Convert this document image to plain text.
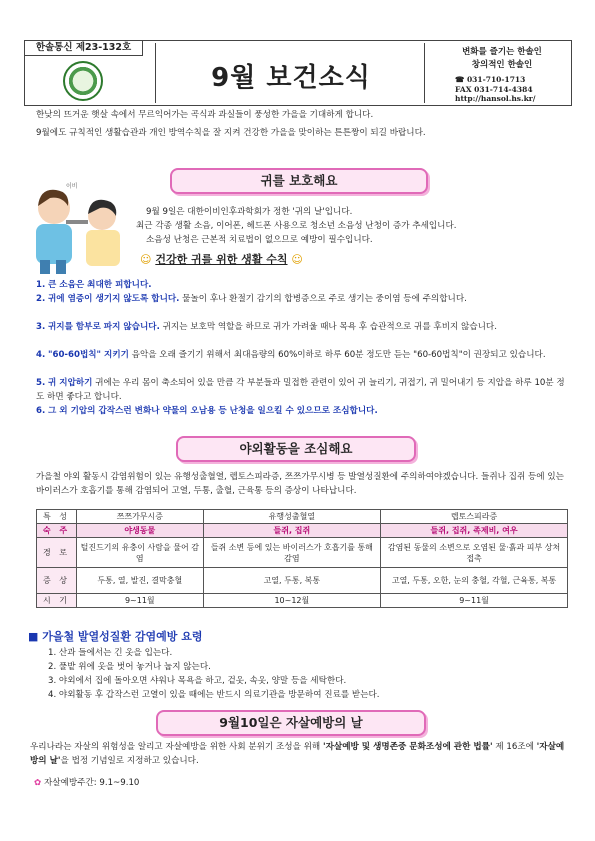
한솔통신 제23-132호
9월 보건소식
변화를 즐기는 한솔인
창의적인 한솔인
☎ 031-710-1713
FAX 031-714-4384
http://hansol.hs.kr/
한낮의 뜨거운 햇살 속에서 무르익어가는 곡식과 과실들이 풍성한 가을을 기대하게 합니다.
9월에도 규칙적인 생활습관과 개인 방역수칙을 잘 지켜 건강한 가을을 맞이하는 튼튼짱이 되길 바랍니다.
귀를 보호해요
이비
9월 9일은 대한이비인후과학회가 정한 '귀의 날'입니다.
최근 각종 생활 소음, 이어폰, 헤드폰 사용으로 청소년 소음성 난청이 증가 추세입니다.
소음성 난청은 근본적 치료법이 없으므로 예방이 필수입니다.
☺ 건강한 귀를 위한 생활 수칙 ☺
1. 큰 소음은 최대한 피합니다.
2. 귀에 염증이 생기지 않도록 합니다. 물놀이 후나 환절기 감기의 합병증으로 주로 생기는 중이염 등에 주의합니다.
3. 귀지를 함부로 파지 않습니다. 귀지는 보호막 역할을 하므로 귀가 가려울 때나 목욕 후 습관적으로 귀를 후비지 않습니다.
4. "60-60법칙" 지키기 음악을 오래 즐기기 위해서 최대음량의 60%이하로 하루 60분 정도만 듣는 "60-60법칙"이 권장되고 있습니다.
5. 귀 지압하기 귀에는 우리 몸이 축소되어 있을 만큼 각 부분들과 밀접한 관련이 있어 귀 늘리기, 귀접기, 귀 밀어내기 등 지압을 하루 10분 정도 하면 좋다고 합니다.
6. 그 외 기압의 갑작스런 변화나 약물의 오남용 등 난청을 일으킬 수 있으므로 조심합니다.
야외활동을 조심해요
가을철 야외 활동시 감염위험이 있는 유행성출혈열, 렙토스피라증, 쯔쯔가무시병 등 발열성질환에 주의하여야겠습니다. 들쥐나 집쥐 등에 있는 바이러스가 호흡기를 통해 감염되어 고열, 두통, 출혈, 근육통 등의 증상이 나타납니다.
특 성	쯔쯔가무시증	유행성출혈열	렙토스피라증
숙 주	야생동물	들쥐, 집쥐	들쥐, 집쥐, 족제비, 여우
경 로	털진드기의 유충이 사람을 물어 감염	들쥐 소변 등에 있는 바이러스가 호흡기를 통해 감염	감염된 동물의 소변으로 오염된 물·흙과 피부 상처 접촉
증 상	두통, 열, 발진, 결막충혈	고열, 두통, 복통	고열, 두통, 오한, 눈의 충혈, 각혈, 근육통, 복통
시 기	9~11월	10~12월	9~11월
■ 가을철 발열성질환 감염예방 요령
1. 산과 들에서는 긴 옷을 입는다.
2. 풀밭 위에 옷을 벗어 놓거나 눕지 않는다.
3. 야외에서 집에 돌아오면 샤워나 목욕을 하고, 겉옷, 속옷, 양말 등을 세탁한다.
4. 야외활동 후 갑작스런 고열이 있을 때에는 반드시 의료기관을 방문하여 진료를 받는다.
9월10일은 자살예방의 날
우리나라는 자살의 위험성을 알리고 자살예방을 위한 사회 분위기 조성을 위해 '자살예방 및 생명존중 문화조성에 관한 법률' 제 16조에 '자살예방의 날'을 법정 기념일로 지정하고 있습니다.
✿ 자살예방주간: 9.1~9.10
